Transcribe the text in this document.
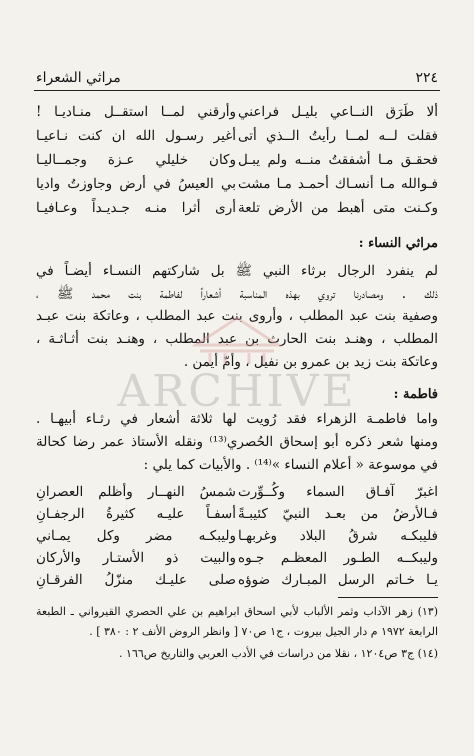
٢٢٤
مراثي الشعراء
ألا طَرَق النــاعي بليـل فراعني
وأرقني لمــا استقــل منـاديـا !
فقلت لــه لمــا رأيتُ الــذي أتى
أغير رسـول الله ان كنت نـاعيـا
فحقـق مـا أشفقتُ منــه ولم يبـل
وكان خليلي عـزة وجمــاليـا
فـوالله مـا أنسـاك أحمـد مـا مشت
بي العيسُ في أرض وجاوزتُ واديا
وكـنت متى أهبط من الأرض تلعة
أرى أثرا منـه جـديـداً وعـافيـا
مراثي النساء :
لم ينفرد الرجال برثاء النبي ﷺ بل شاركتهم النسـاء أيضـاً في
ذلك . ومصادرنا تروي بهذه المناسبة أشعاراً لفاطمة بنت محمد ﷺ ،
وصفية بنت عبد المطلب ، وأروى بنت عبد المطلب ، وعاتكة بنت عبـد
المطلب ، وهنـد بنت الحارث بن عبد المطلب ، وهنـد بنت أثـاثـة ،
وعاتكة بنت زيد بن عمرو بن نفيل ، وأمّ أيمن .
فاطمة :
واما فاطمـة الزهراء فقد رُويت لها ثلاثة أشعار في رثـاء أبيهـا .
ومنها شعر ذكره أبو إسحاق الحُصري⁽¹³⁾ ونقله الأستاذ عمر رضا كحالة
في موسوعة « أعلام النساء »⁽¹⁴⁾ . والأبيات كما يلي :
اغبرّ آفـاق السماء وكُــوِّرت
شمسُ النهــار وأظلم العصرانِ
فـالأرضُ من بعـد النبيّ كئيبـةً
أسفـاً عليـه كثيرةُ الرجفـانِ
فليبكـه شرقُ البلاد وغربهـا
وليبكـه مضر وكل يمـاني
وليبكــه الطـور المعظـم جـوه
والبيت ذو الأستـار والأركان
يـا خـاتم الرسل المبـارك ضوؤه
صلى عليـك منزّلُ الفرقـانِ
(١٣) زهر الآداب وثمر الألباب لأبي اسحاق ابراهيم بن علي الحصري القيرواني ـ الطبعة
الرابعة ١٩٧٢ م دار الجيل بيروت ، ج١ ص٧٠ [ وانظر الروض الأنف ٢ : ٣٨٠ ] .
(١٤) ج٣ ص١٢٠٤ ، نقلا من دراسات في الأدب العربي والتاريخ ص١٦٦ .
ARCHIVE
